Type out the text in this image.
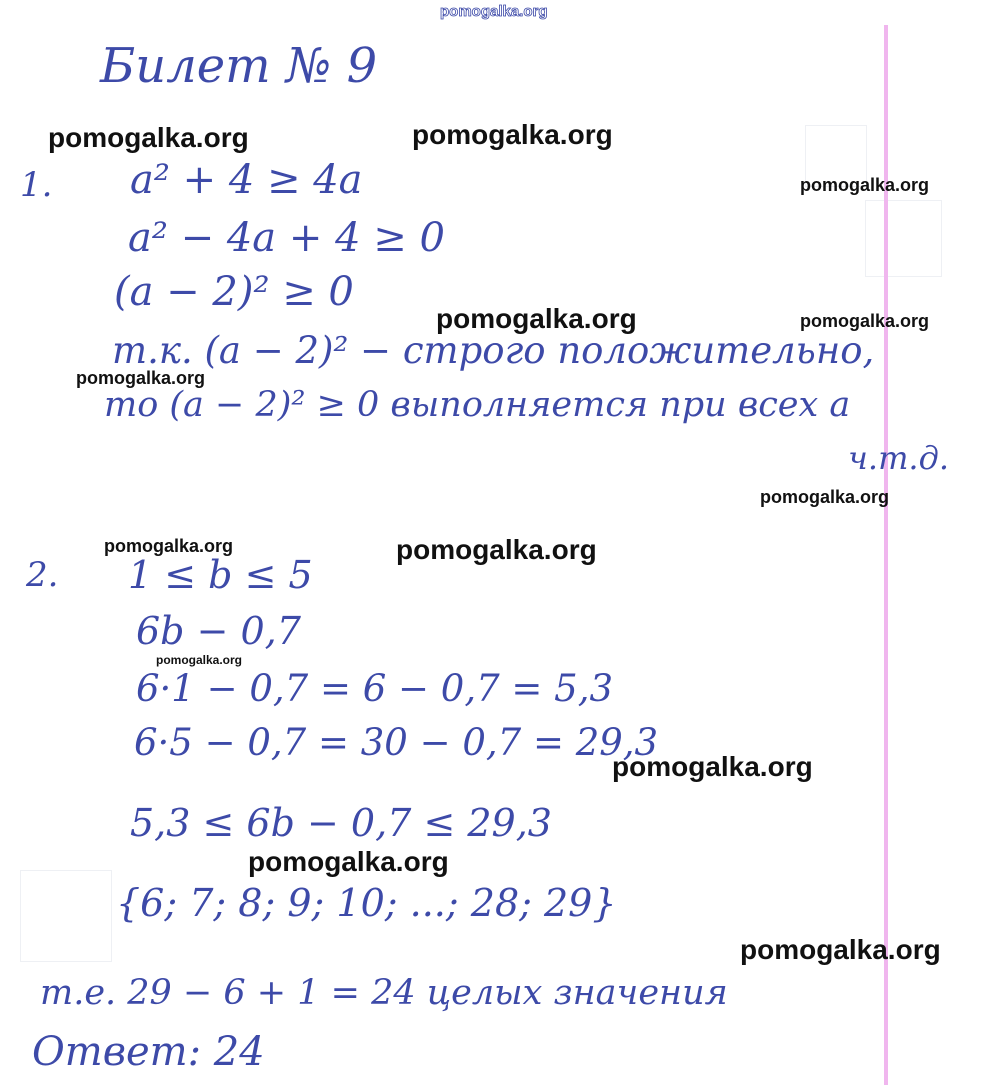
pomogalka.org
Билет № 9
1. a² + 4 ≥ 4a
a² − 4a + 4 ≥ 0
(a − 2)² ≥ 0
т.к. (a − 2)² − строго положительно,
то (a − 2)² ≥ 0 выполняется при всех a
ч.т.д.
2. 1 ≤ b ≤ 5
6b − 0,7
6·1 − 0,7 = 6 − 0,7 = 5,3
6·5 − 0,7 = 30 − 0,7 = 29,3
5,3 ≤ 6b − 0,7 ≤ 29,3
{6; 7; 8; 9; 10; ...; 28; 29}
т.е. 29 − 6 + 1 = 24 целых значения
Ответ: 24
pomogalka.org	pomogalka.org
pomogalka.org
pomogalka.org	pomogalka.org
pomogalka.org
pomogalka.org
pomogalka.org	pomogalka.org
pomogalka.org
pomogalka.org
pomogalka.org
pomogalka.org
